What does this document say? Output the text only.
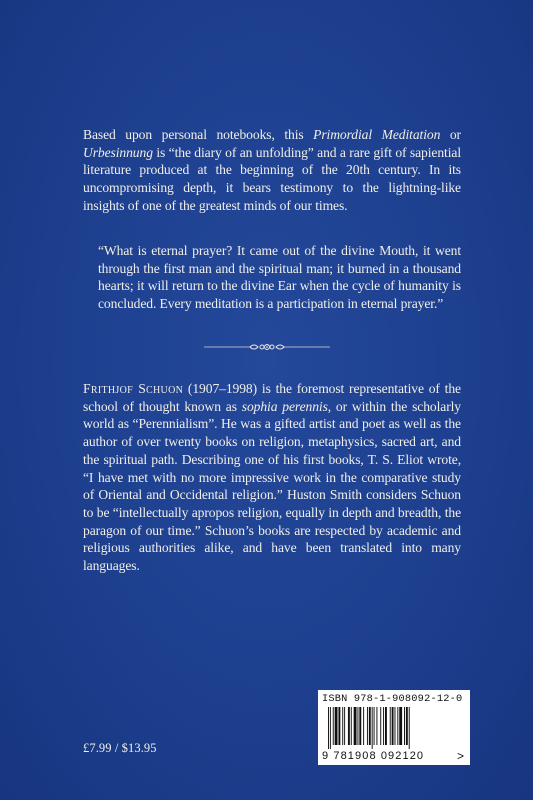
Based upon personal notebooks, this Primordial Meditation or Urbesinnung is “the diary of an unfolding” and a rare gift of sapiential literature produced at the beginning of the 20th century. In its uncompromising depth, it bears testimony to the lightning-like insights of one of the greatest minds of our times.

“What is eternal prayer? It came out of the divine Mouth, it went through the first man and the spiritual man; it burned in a thousand hearts; it will return to the divine Ear when the cycle of humanity is concluded. Every meditation is a participation in eternal prayer.”

Frithjof Schuon (1907–1998) is the foremost representative of the school of thought known as sophia perennis, or within the scholarly world as “Perennialism”. He was a gifted artist and poet as well as the author of over twenty books on religion, metaphysics, sacred art, and the spiritual path. Describing one of his first books, T. S. Eliot wrote, “I have met with no more impressive work in the comparative study of Oriental and Occidental religion.” Huston Smith considers Schuon to be “intellectually apropos religion, equally in depth and breadth, the paragon of our time.” Schuon’s books are respected by academic and religious authorities alike, and have been translated into many languages.

£7.99 / $13.95
ISBN 978-1-908092-12-0
9 781908 092120	>
